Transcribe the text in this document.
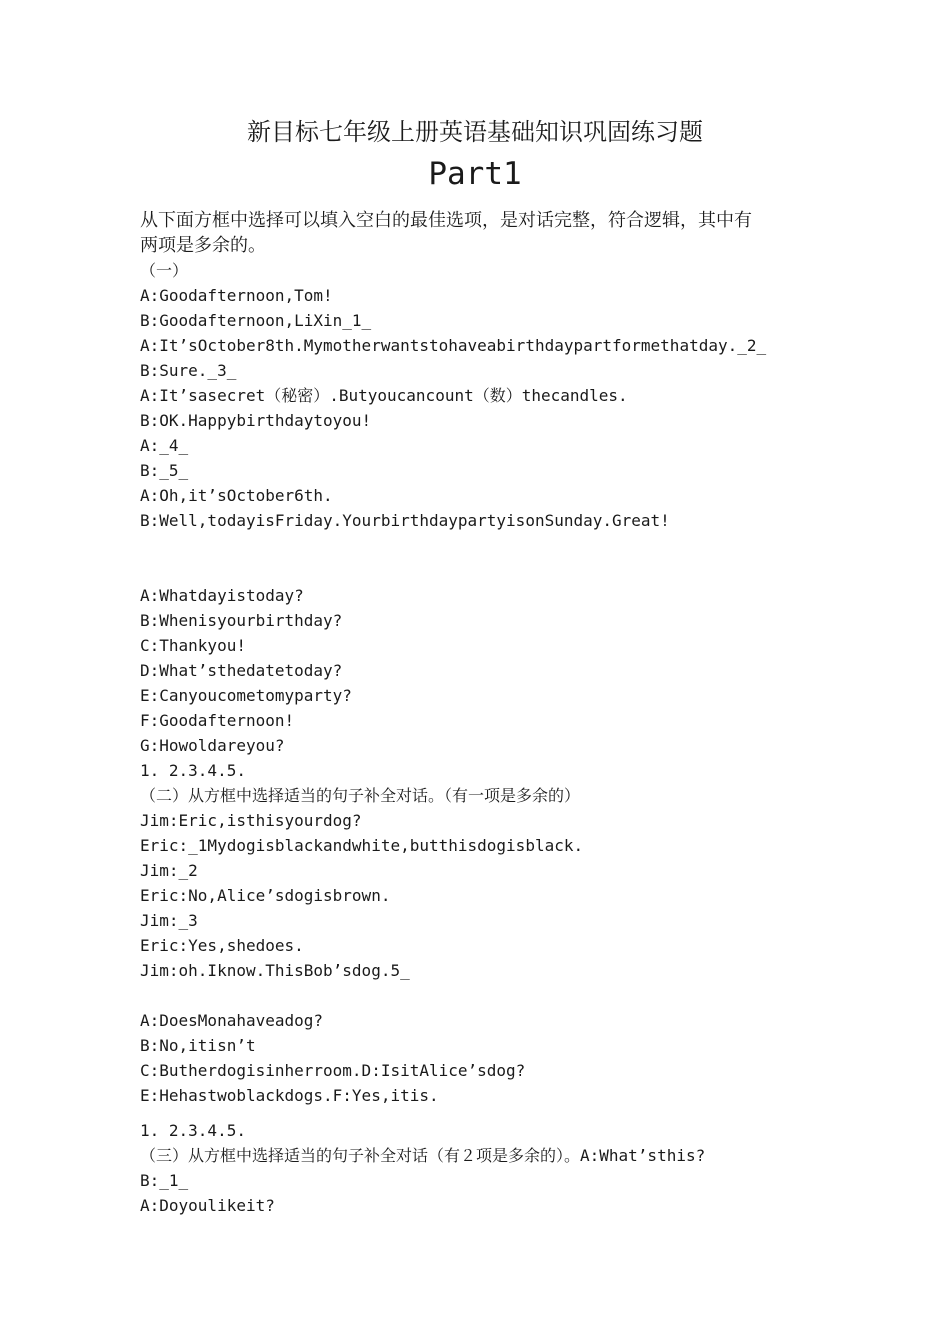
新目标七年级上册英语基础知识巩固练习题
Part1
从下面方框中选择可以填入空白的最佳选项，是对话完整，符合逻辑，其中有
两项是多余的。
（一）
A:Goodafternoon,Tom!
B:Goodafternoon,LiXin_1_
A:It’sOctober8th.Mymotherwantstohaveabirthdaypartformethatday._2_
B:Sure._3_
A:It’sasecret（秘密）.Butyoucancount（数）thecandles.
B:OK.Happybirthdaytoyou!
A:_4_
B:_5_
A:Oh,it’sOctober6th.
B:Well,todayisFriday.YourbirthdaypartyisonSunday.Great!
A:Whatdayistoday?
B:Whenisyourbirthday?
C:Thankyou!
D:What’sthedatetoday?
E:Canyoucometomyparty?
F:Goodafternoon!
G:Howoldareyou?
1. 2.3.4.5.
（二）从方框中选择适当的句子补全对话。（有一项是多余的）
Jim:Eric,isthisyourdog?
Eric:_1Mydogisblackandwhite,butthisdogisblack.
Jim:_2
Eric:No,Alice’sdogisbrown.
Jim:_3
Eric:Yes,shedoes.
Jim:oh.Iknow.ThisBob’sdog.5_
A:DoesMonahaveadog?
B:No,itisn’t
C:Butherdogisinherroom.D:IsitAlice’sdog?
E:Hehastwoblackdogs.F:Yes,itis.
1. 2.3.4.5.
（三）从方框中选择适当的句子补全对话（有２项是多余的）。A:What’sthis?
B:_1_
A:Doyoulikeit?
